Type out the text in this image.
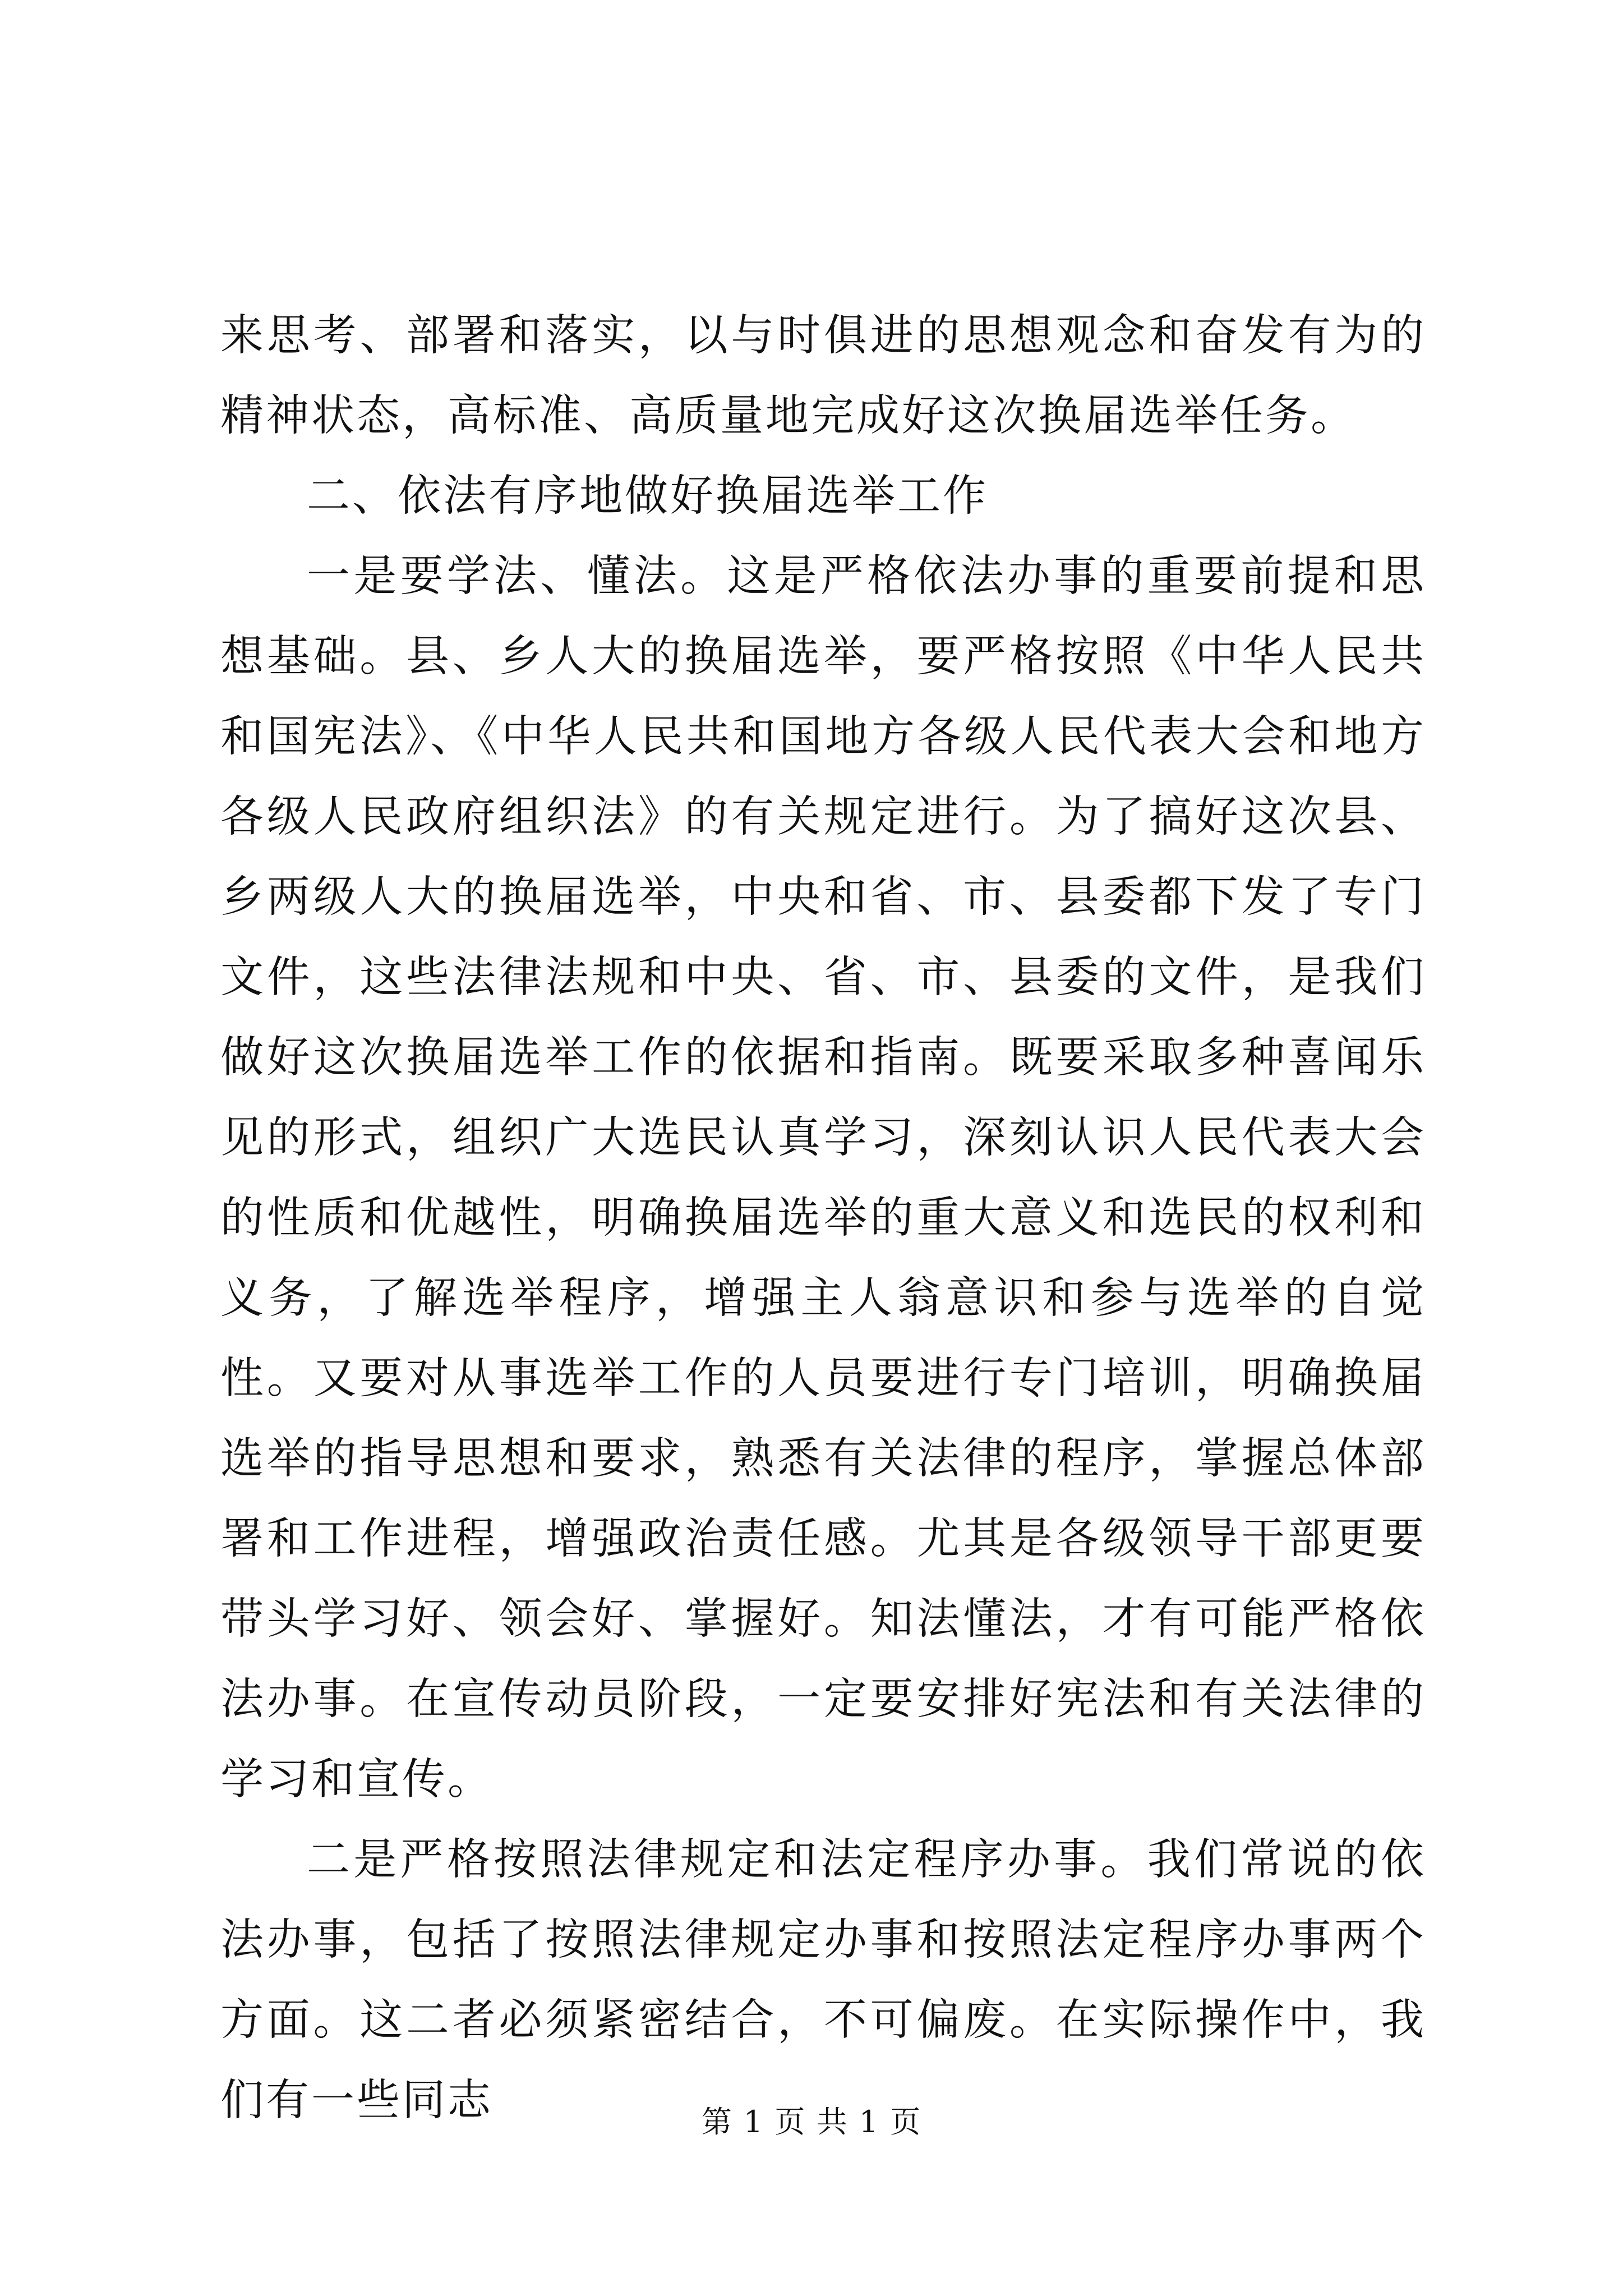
来思考、部署和落实，以与时俱进的思想观念和奋发有为的精神状态，高标准、高质量地完成好这次换届选举任务。

二、依法有序地做好换届选举工作

一是要学法、懂法。这是严格依法办事的重要前提和思想基础。县、乡人大的换届选举，要严格按照《中华人民共和国宪法》、《中华人民共和国地方各级人民代表大会和地方各级人民政府组织法》的有关规定进行。为了搞好这次县、乡两级人大的换届选举，中央和省、市、县委都下发了专门文件，这些法律法规和中央、省、市、县委的文件，是我们做好这次换届选举工作的依据和指南。既要采取多种喜闻乐见的形式，组织广大选民认真学习，深刻认识人民代表大会的性质和优越性，明确换届选举的重大意义和选民的权利和义务，了解选举程序，增强主人翁意识和参与选举的自觉性。又要对从事选举工作的人员要进行专门培训，明确换届选举的指导思想和要求，熟悉有关法律的程序，掌握总体部署和工作进程，增强政治责任感。尤其是各级领导干部更要带头学习好、领会好、掌握好。知法懂法，才有可能严格依法办事。在宣传动员阶段，一定要安排好宪法和有关法律的学习和宣传。

二是严格按照法律规定和法定程序办事。我们常说的依法办事，包括了按照法律规定办事和按照法定程序办事两个方面。这二者必须紧密结合，不可偏废。在实际操作中，我们有一些同志	第 1 页 共 1 页
